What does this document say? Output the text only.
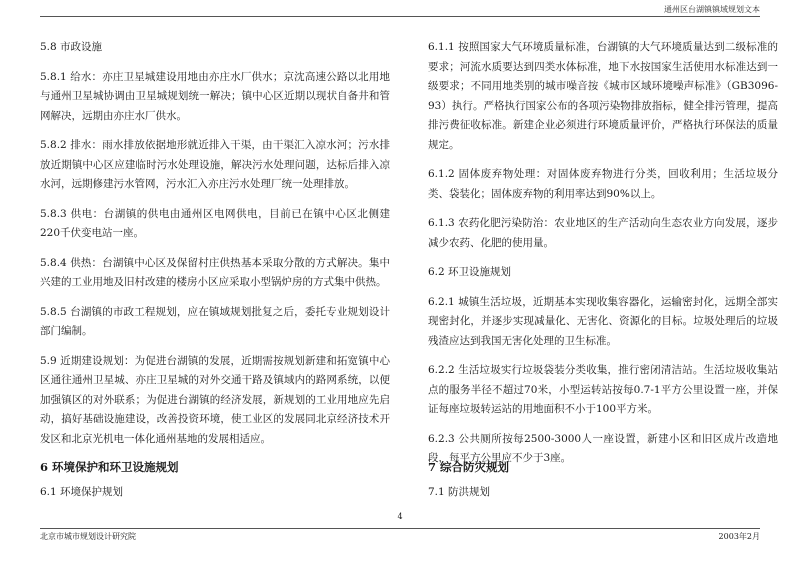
通州区台湖镇镇域规划文本
5.8 市政设施

5.8.1 给水：亦庄卫星城建设用地由亦庄水厂供水；京沈高速公路以北用地与通州卫星城协调由卫星城规划统一解决；镇中心区近期以现状自备井和管网解决，远期由亦庄水厂供水。

5.8.2 排水：雨水排放依据地形就近排入干渠，由干渠汇入凉水河；污水排放近期镇中心区应建临时污水处理设施，解决污水处理问题，达标后排入凉水河，远期修建污水管网，污水汇入亦庄污水处理厂统一处理排放。

5.8.3 供电：台湖镇的供电由通州区电网供电，目前已在镇中心区北侧建220千伏变电站一座。

5.8.4 供热：台湖镇中心区及保留村庄供热基本采取分散的方式解决。集中兴建的工业用地及旧村改建的楼房小区应采取小型锅炉房的方式集中供热。

5.8.5 台湖镇的市政工程规划，应在镇域规划批复之后，委托专业规划设计部门编制。

5.9 近期建设规划：为促进台湖镇的发展，近期需按规划新建和拓宽镇中心区通往通州卫星城、亦庄卫星城的对外交通干路及镇域内的路网系统，以便加强镇区的对外联系；为促进台湖镇的经济发展，新规划的工业用地应先启动，搞好基础设施建设，改善投资环境，使工业区的发展同北京经济技术开发区和北京光机电一体化通州基地的发展相适应。

6 环境保护和环卫设施规划
6.1 环境保护规划

6.1.1 按照国家大气环境质量标准，台湖镇的大气环境质量达到二级标准的要求；河流水质要达到四类水体标准，地下水按国家生活使用水标准达到一级要求；不同用地类别的城市噪音按《城市区域环境噪声标准》（GB3096-93）执行。严格执行国家公布的各项污染物排放指标，健全排污管理，提高排污费征收标准。新建企业必须进行环境质量评价，严格执行环保法的质量规定。

6.1.2 固体废弃物处理：对固体废弃物进行分类，回收利用；生活垃圾分类、袋装化；固体废弃物的利用率达到90%以上。

6.1.3 农药化肥污染防治：农业地区的生产活动向生态农业方向发展，逐步减少农药、化肥的使用量。

6.2 环卫设施规划

6.2.1 城镇生活垃圾，近期基本实现收集容器化，运输密封化，远期全部实现密封化，并逐步实现减量化、无害化、资源化的目标。垃圾处理后的垃圾残渣应达到我国无害化处理的卫生标准。

6.2.2 生活垃圾实行垃圾袋装分类收集，推行密闭清洁站。生活垃圾收集站点的服务半径不超过70米，小型运转站按每0.7-1平方公里设置一座，并保证每座垃圾转运站的用地面积不小于100平方米。

6.2.3 公共厕所按每2500-3000人一座设置，新建小区和旧区成片改造地段，每平方公里应不少于3座。

7 综合防灾规划
7.1 防洪规划
4
北京市城市规划设计研究院	2003年2月
